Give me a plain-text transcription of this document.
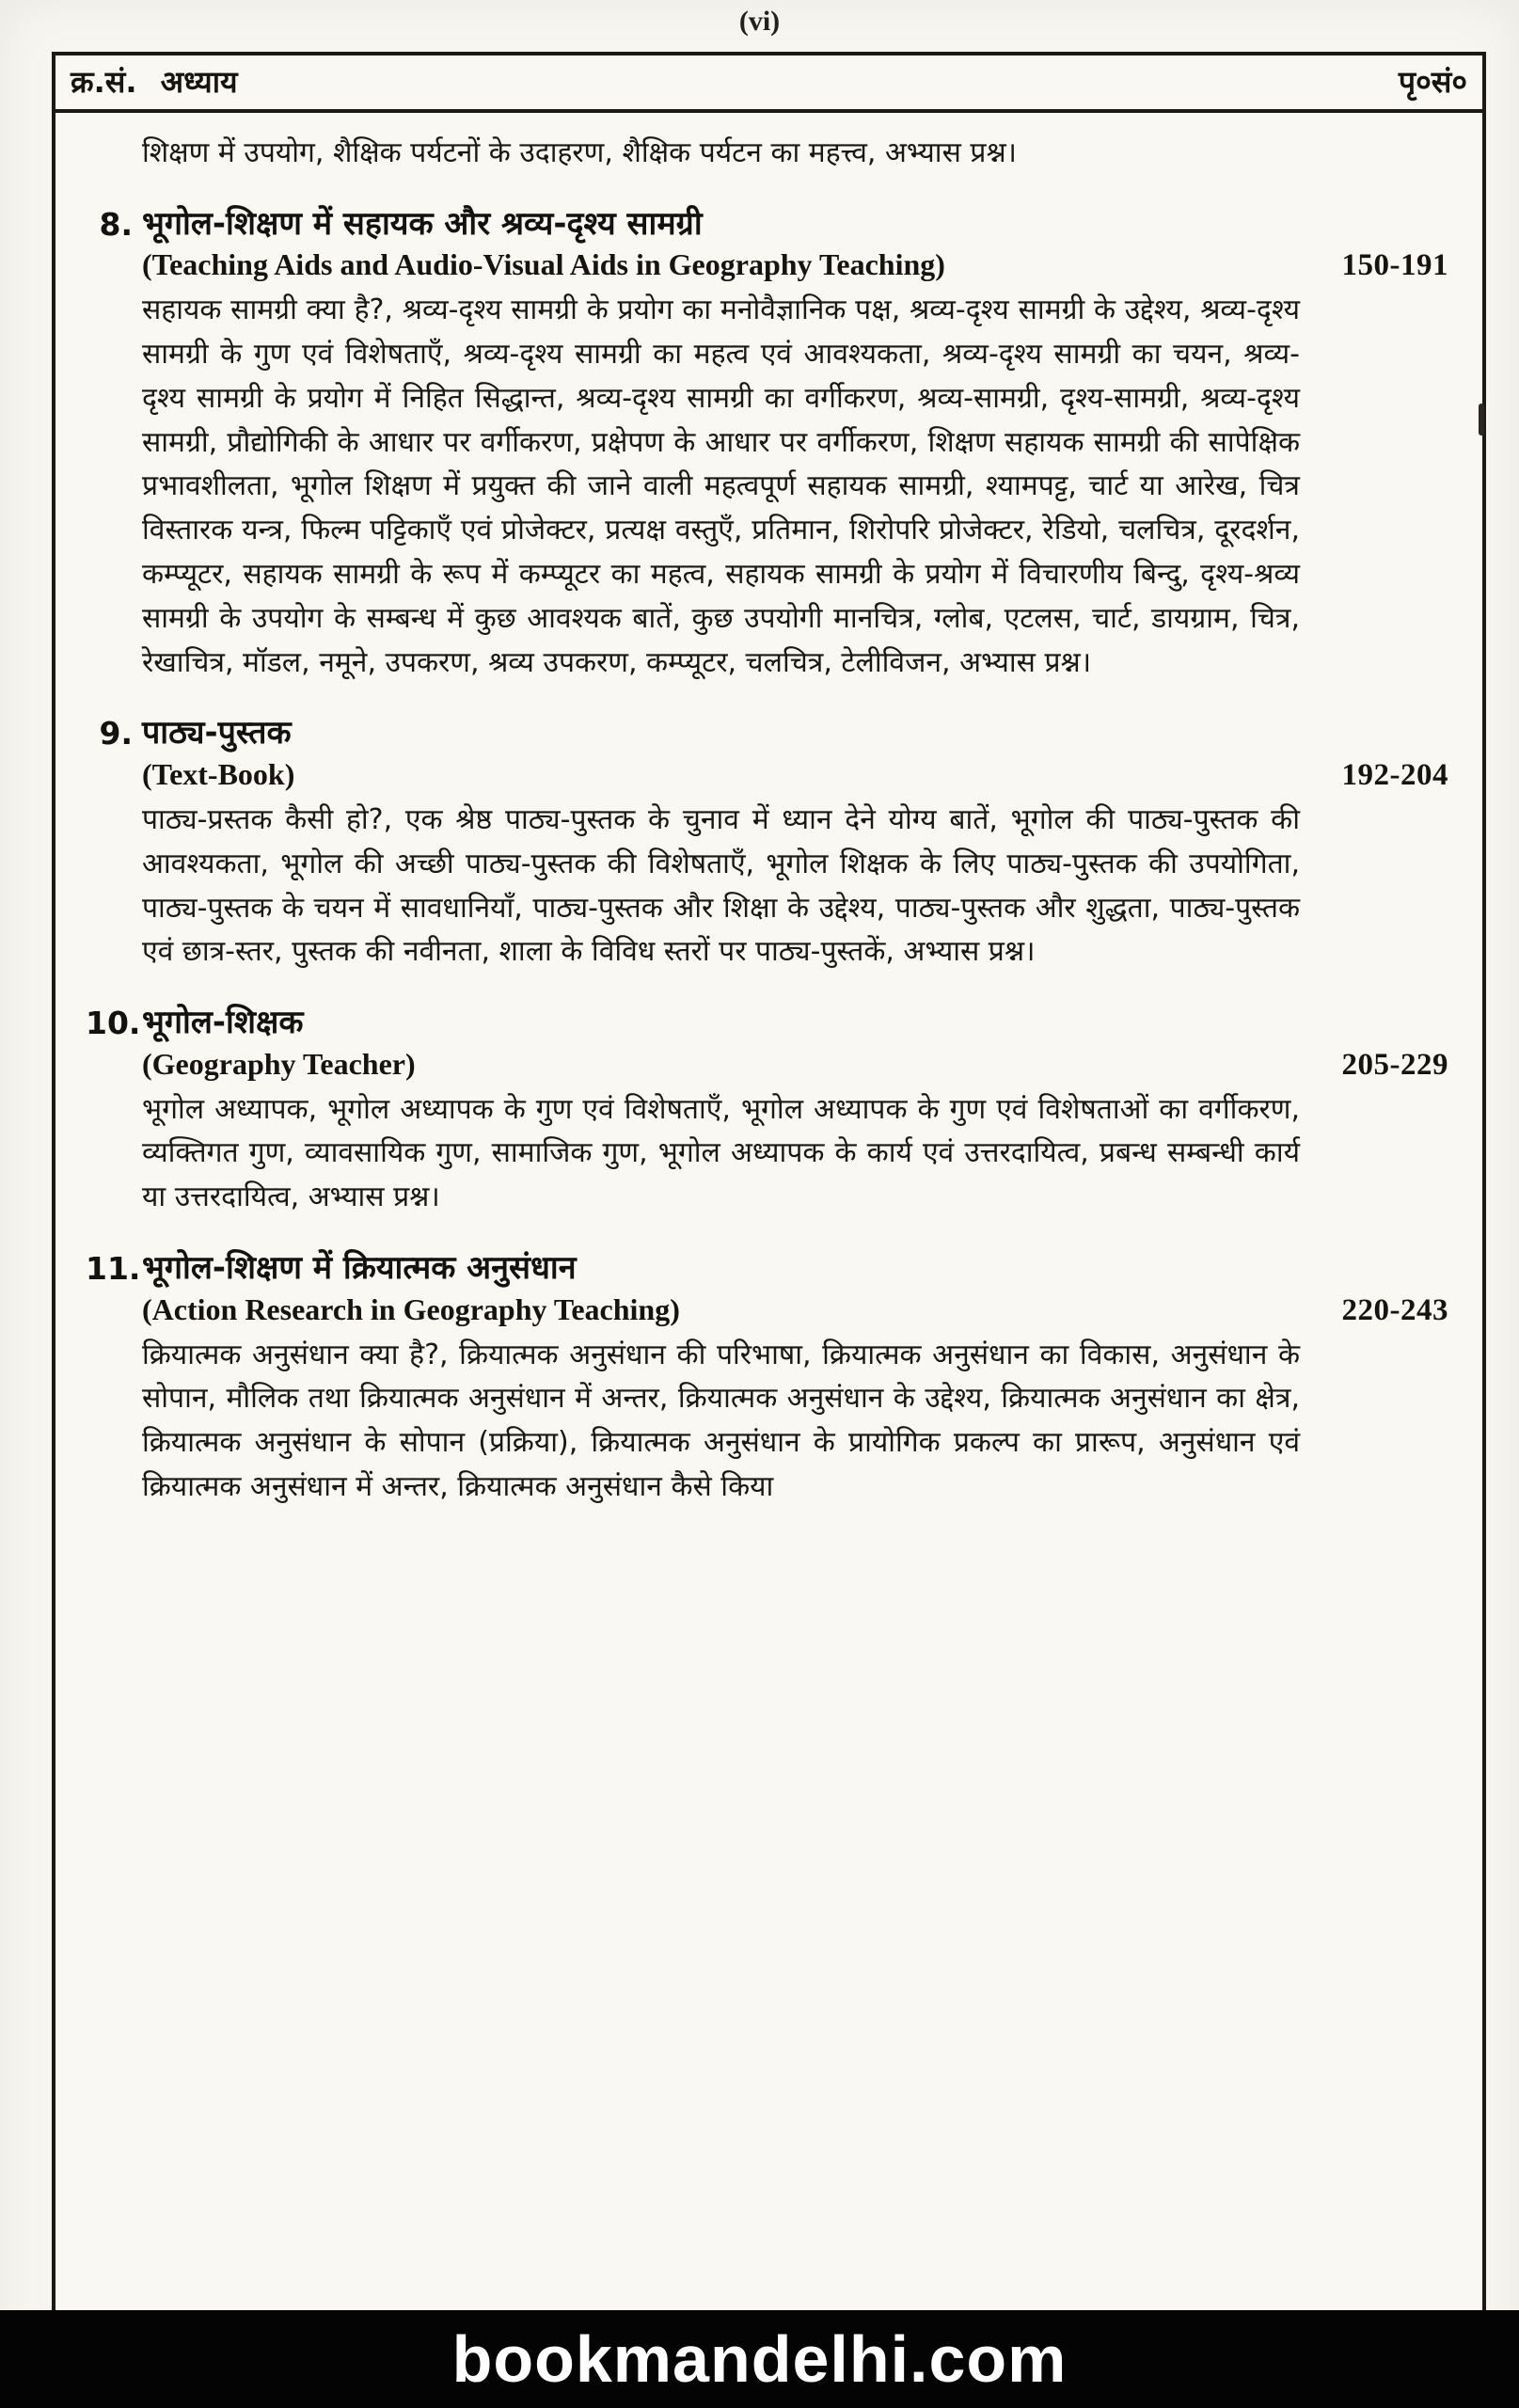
(vi)
क्र.सं. अध्याय	पृ०सं०

शिक्षण में उपयोग, शैक्षिक पर्यटनों के उदाहरण, शैक्षिक पर्यटन का महत्त्व, अभ्यास प्रश्न।

8. भूगोल-शिक्षण में सहायक और श्रव्य-दृश्य सामग्री
(Teaching Aids and Audio-Visual Aids in Geography Teaching)	150-191

सहायक सामग्री क्या है?, श्रव्य-दृश्य सामग्री के प्रयोग का मनोवैज्ञानिक पक्ष, श्रव्य-दृश्य सामग्री के उद्देश्य, श्रव्य-दृश्य सामग्री के गुण एवं विशेषताएँ, श्रव्य-दृश्य सामग्री का महत्व एवं आवश्यकता, श्रव्य-दृश्य सामग्री का चयन, श्रव्य-दृश्य सामग्री के प्रयोग में निहित सिद्धान्त, श्रव्य-दृश्य सामग्री का वर्गीकरण, श्रव्य-सामग्री, दृश्य-सामग्री, श्रव्य-दृश्य सामग्री, प्रौद्योगिकी के आधार पर वर्गीकरण, प्रक्षेपण के आधार पर वर्गीकरण, शिक्षण सहायक सामग्री की सापेक्षिक प्रभावशीलता, भूगोल शिक्षण में प्रयुक्त की जाने वाली महत्वपूर्ण सहायक सामग्री, श्यामपट्ट, चार्ट या आरेख, चित्र विस्तारक यन्त्र, फिल्म पट्टिकाएँ एवं प्रोजेक्टर, प्रत्यक्ष वस्तुएँ, प्रतिमान, शिरोपरि प्रोजेक्टर, रेडियो, चलचित्र, दूरदर्शन, कम्प्यूटर, सहायक सामग्री के रूप में कम्प्यूटर का महत्व, सहायक सामग्री के प्रयोग में विचारणीय बिन्दु, दृश्य-श्रव्य सामग्री के उपयोग के सम्बन्ध में कुछ आवश्यक बातें, कुछ उपयोगी मानचित्र, ग्लोब, एटलस, चार्ट, डायग्राम, चित्र, रेखाचित्र, मॉडल, नमूने, उपकरण, श्रव्य उपकरण, कम्प्यूटर, चलचित्र, टेलीविजन, अभ्यास प्रश्न।

9. पाठ्य-पुस्तक
(Text-Book)	192-204

पाठ्य-प्रस्तक कैसी हो?, एक श्रेष्ठ पाठ्य-पुस्तक के चुनाव में ध्यान देने योग्य बातें, भूगोल की पाठ्य-पुस्तक की आवश्यकता, भूगोल की अच्छी पाठ्य-पुस्तक की विशेषताएँ, भूगोल शिक्षक के लिए पाठ्य-पुस्तक की उपयोगिता, पाठ्य-पुस्तक के चयन में सावधानियाँ, पाठ्य-पुस्तक और शिक्षा के उद्देश्य, पाठ्य-पुस्तक और शुद्धता, पाठ्य-पुस्तक एवं छात्र-स्तर, पुस्तक की नवीनता, शाला के विविध स्तरों पर पाठ्य-पुस्तकें, अभ्यास प्रश्न।

10. भूगोल-शिक्षक
(Geography Teacher)	205-229

भूगोल अध्यापक, भूगोल अध्यापक के गुण एवं विशेषताएँ, भूगोल अध्यापक के गुण एवं विशेषताओं का वर्गीकरण, व्यक्तिगत गुण, व्यावसायिक गुण, सामाजिक गुण, भूगोल अध्यापक के कार्य एवं उत्तरदायित्व, प्रबन्ध सम्बन्धी कार्य या उत्तरदायित्व, अभ्यास प्रश्न।

11. भूगोल-शिक्षण में क्रियात्मक अनुसंधान
(Action Research in Geography Teaching)	220-243

क्रियात्मक अनुसंधान क्या है?, क्रियात्मक अनुसंधान की परिभाषा, क्रियात्मक अनुसंधान का विकास, अनुसंधान के सोपान, मौलिक तथा क्रियात्मक अनुसंधान में अन्तर, क्रियात्मक अनुसंधान के उद्देश्य, क्रियात्मक अनुसंधान का क्षेत्र, क्रियात्मक अनुसंधान के सोपान (प्रक्रिया), क्रियात्मक अनुसंधान के प्रायोगिक प्रकल्प का प्रारूप, अनुसंधान एवं क्रियात्मक अनुसंधान में अन्तर, क्रियात्मक अनुसंधान कैसे किया

bookmandelhi.com
